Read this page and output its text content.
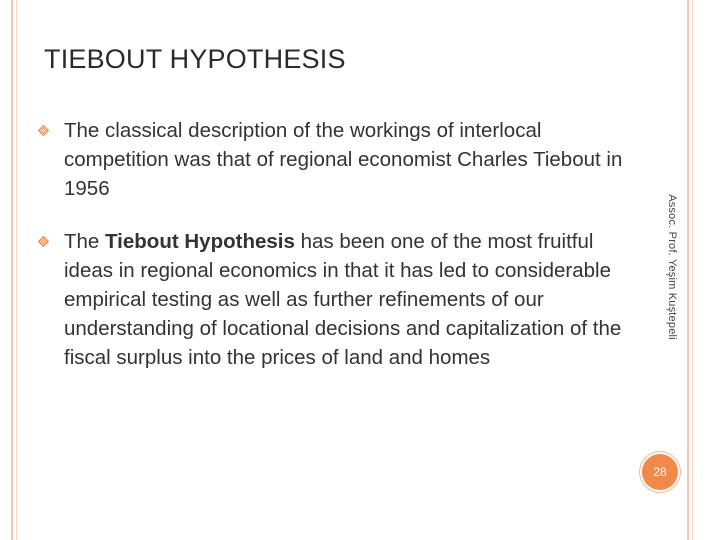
TIEBOUT HYPOTHESIS
The classical description of the workings of interlocal competition was that of regional economist Charles Tiebout in 1956
The Tiebout Hypothesis has been one of the most fruitful ideas in regional economics in that it has led to considerable empirical testing as well as further refinements of our understanding of locational decisions and capitalization of the fiscal surplus into the prices of land and homes
Assoc. Prof. Yeşim Kuştepeli
28
